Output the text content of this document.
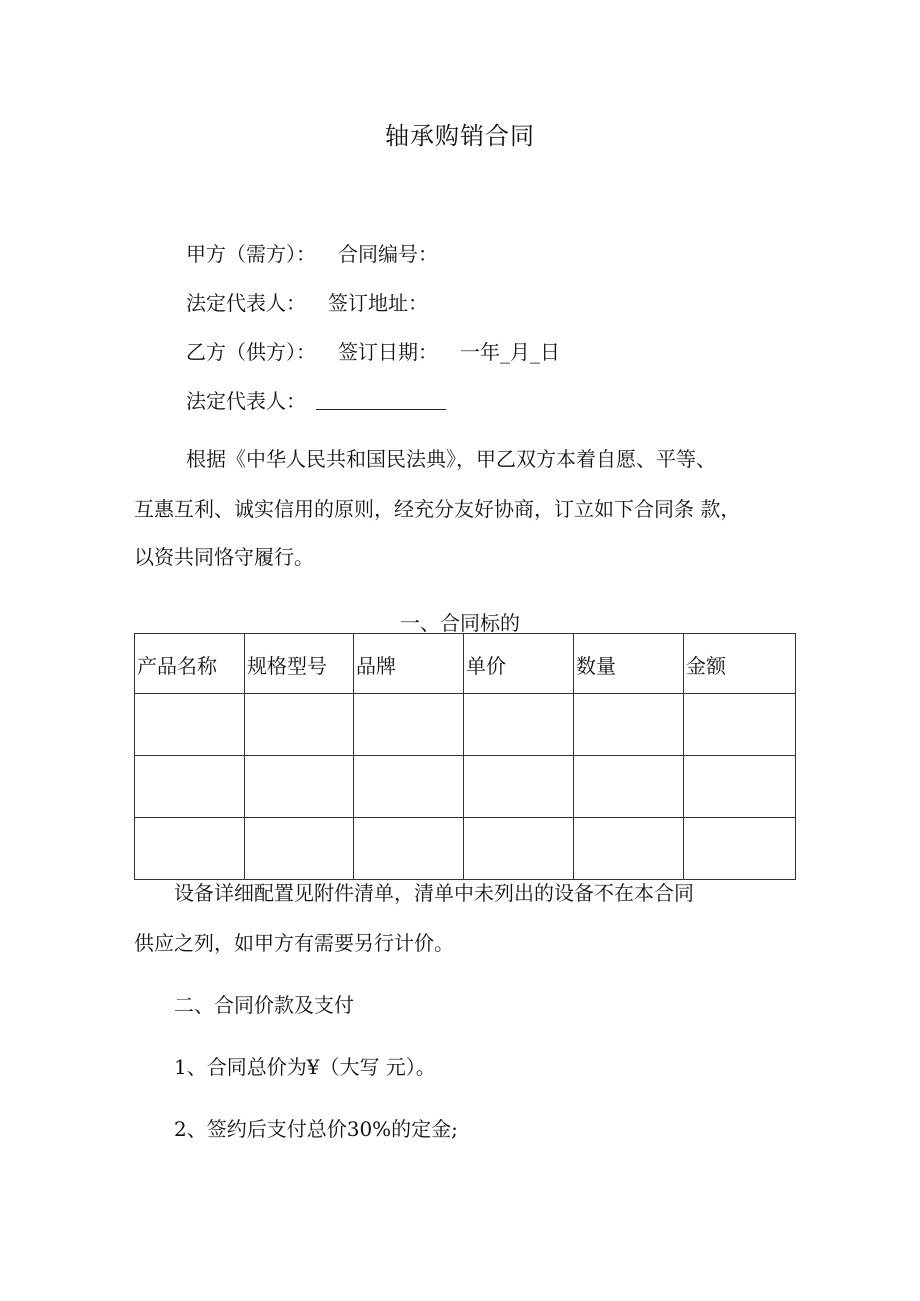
轴承购销合同
甲方（需方）： 合同编号：
法定代表人： 签订地址：
乙方（供方）： 签订日期： 一年_月_日
法定代表人：
根据《中华人民共和国民法典》，甲乙双方本着自愿、平等、
互惠互利、诚实信用的原则，经充分友好协商，订立如下合同条 款，
以资共同恪守履行。
一、合同标的
产品名称	规格型号	品牌	单价	数量	金额

设备详细配置见附件清单，清单中未列出的设备不在本合同
供应之列，如甲方有需要另行计价。
二、合同价款及支付
1、合同总价为¥（大写 元）。
2、签约后支付总价30%的定金;
